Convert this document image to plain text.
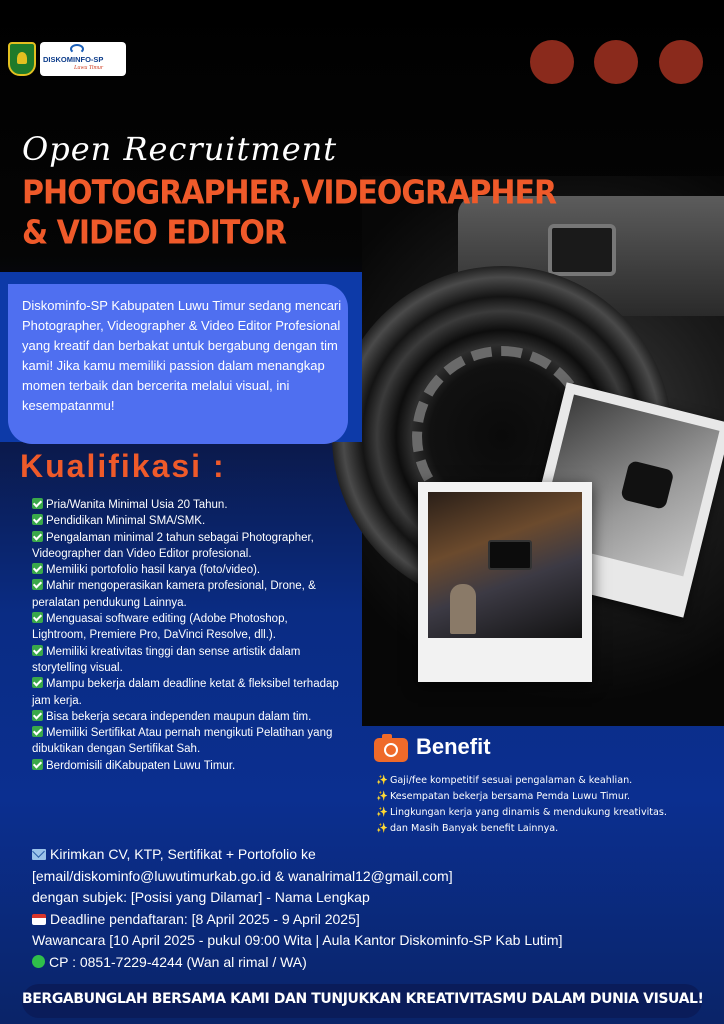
DISKOMINFO-SP
Luwu Timur
Open Recruitment
PHOTOGRAPHER,VIDEOGRAPHER
& VIDEO EDITOR
Diskominfo-SP Kabupaten Luwu Timur sedang mencari Photographer, Videographer & Video Editor Profesional yang kreatif dan berbakat untuk bergabung dengan tim kami! Jika kamu memiliki passion dalam menangkap momen terbaik dan bercerita melalui visual, ini kesempatanmu!
Kualifikasi :
Pria/Wanita Minimal Usia 20 Tahun.
Pendidikan Minimal SMA/SMK.
Pengalaman minimal 2 tahun sebagai Photographer, Videographer dan Video Editor profesional.
Memiliki portofolio hasil karya (foto/video).
Mahir mengoperasikan kamera profesional, Drone, & peralatan pendukung Lainnya.
Menguasai software editing (Adobe Photoshop, Lightroom, Premiere Pro, DaVinci Resolve, dll.).
Memiliki kreativitas tinggi dan sense artistik dalam storytelling visual.
Mampu bekerja dalam deadline ketat & fleksibel terhadap jam kerja.
Bisa bekerja secara independen maupun dalam tim.
Memiliki Sertifikat Atau pernah mengikuti Pelatihan yang dibuktikan dengan Sertifikat Sah.
Berdomisili diKabupaten Luwu Timur.
Benefit
✨ Gaji/fee kompetitif sesuai pengalaman & keahlian.
✨ Kesempatan bekerja bersama Pemda Luwu Timur.
✨ Lingkungan kerja yang dinamis & mendukung kreativitas.
✨ dan Masih Banyak benefit Lainnya.
Kirimkan CV, KTP, Sertifikat + Portofolio ke
[email/diskominfo@luwutimurkab.go.id & wanalrimal12@gmail.com]
dengan subjek: [Posisi yang Dilamar] - Nama Lengkap
Deadline pendaftaran: [8 April 2025 - 9 April 2025]
Wawancara [10 April 2025 - pukul 09:00 Wita | Aula Kantor Diskominfo-SP Kab Lutim]
CP : 0851-7229-4244 (Wan al rimal / WA)
BERGABUNGLAH BERSAMA KAMI DAN TUNJUKKAN KREATIVITASMU DALAM DUNIA VISUAL!
